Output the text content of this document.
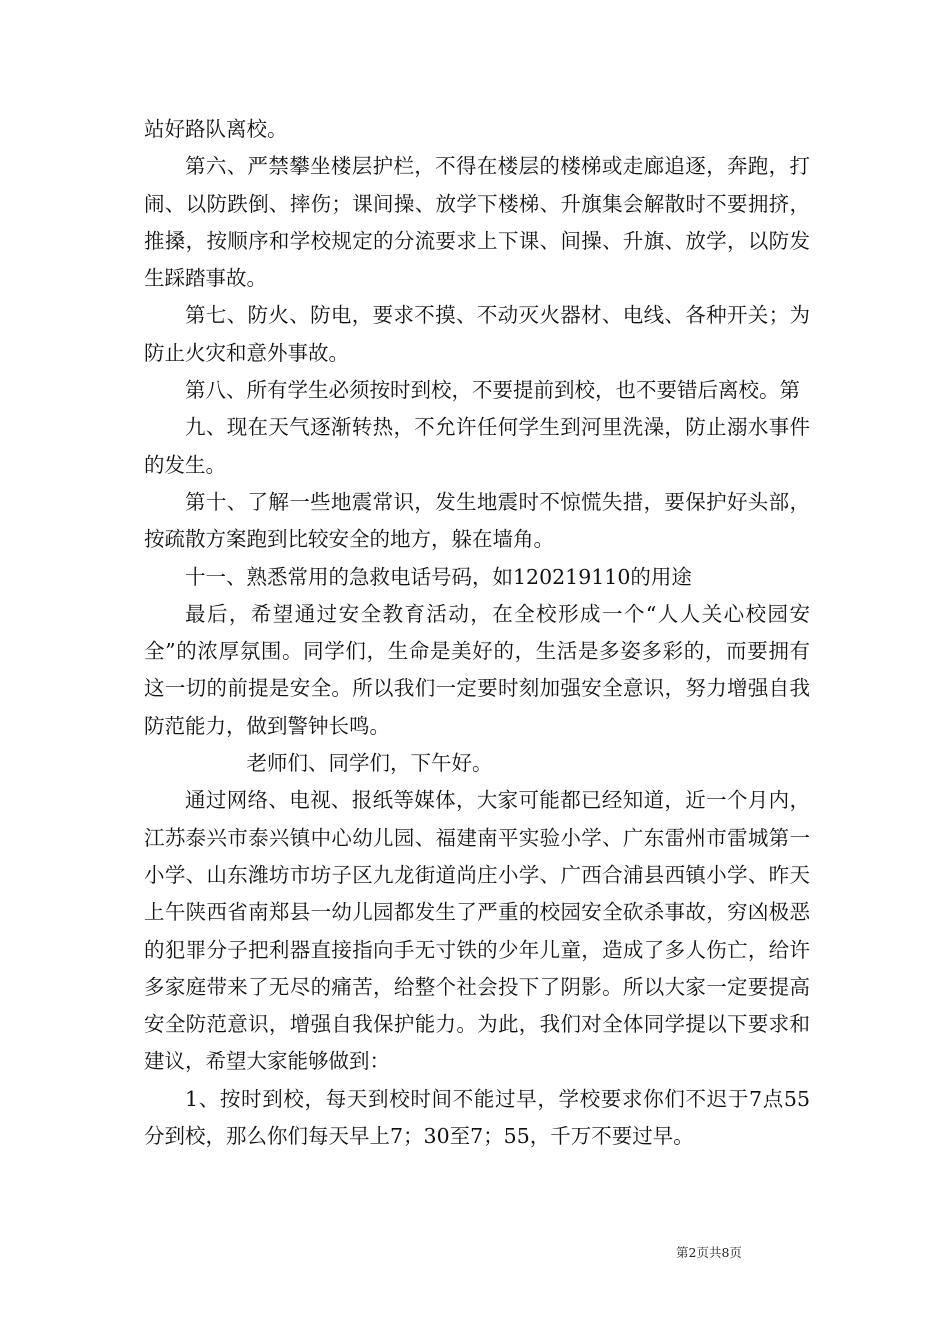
站好路队离校。

第六、严禁攀坐楼层护栏，不得在楼层的楼梯或走廊追逐，奔跑，打闹、以防跌倒、摔伤；课间操、放学下楼梯、升旗集会解散时不要拥挤，推搡，按顺序和学校规定的分流要求上下课、间操、升旗、放学，以防发生踩踏事故。

第七、防火、防电，要求不摸、不动灭火器材、电线、各种开关；为防止火灾和意外事故。

第八、所有学生必须按时到校，不要提前到校，也不要错后离校。第

九、现在天气逐渐转热，不允许任何学生到河里洗澡，防止溺水事件的发生。

第十、了解一些地震常识，发生地震时不惊慌失措，要保护好头部，按疏散方案跑到比较安全的地方，躲在墙角。

十一、熟悉常用的急救电话号码，如120219110的用途

最后，希望通过安全教育活动，在全校形成一个“人人关心校园安全”的浓厚氛围。同学们，生命是美好的，生活是多姿多彩的，而要拥有这一切的前提是安全。所以我们一定要时刻加强安全意识，努力增强自我防范能力，做到警钟长鸣。

老师们、同学们，下午好。

通过网络、电视、报纸等媒体，大家可能都已经知道，近一个月内，江苏泰兴市泰兴镇中心幼儿园、福建南平实验小学、广东雷州市雷城第一小学、山东潍坊市坊子区九龙街道尚庄小学、广西合浦县西镇小学、昨天上午陕西省南郑县一幼儿园都发生了严重的校园安全砍杀事故，穷凶极恶的犯罪分子把利器直接指向手无寸铁的少年儿童，造成了多人伤亡，给许多家庭带来了无尽的痛苦，给整个社会投下了阴影。所以大家一定要提高安全防范意识，增强自我保护能力。为此，我们对全体同学提以下要求和建议，希望大家能够做到：

1、按时到校，每天到校时间不能过早，学校要求你们不迟于7点55分到校，那么你们每天早上7；30至7；55，千万不要过早。

第2页共8页
